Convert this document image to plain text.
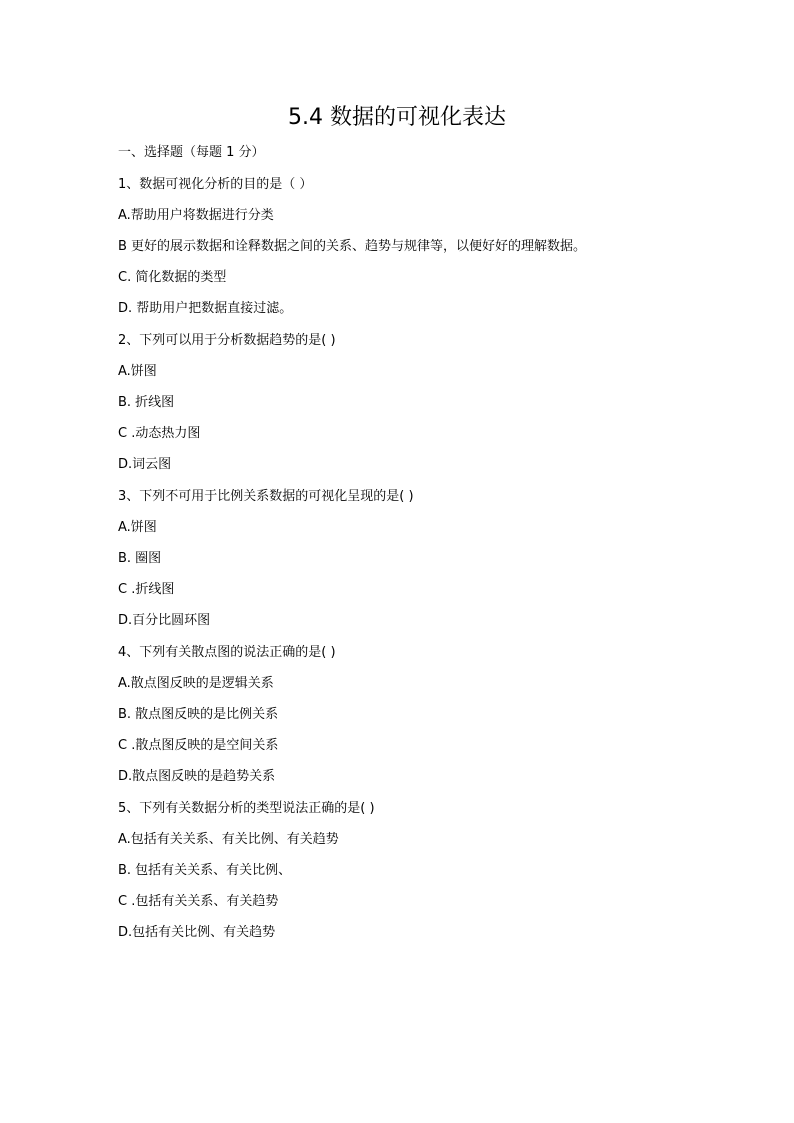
5.4 数据的可视化表达
一、选择题（每题 1 分）
1、数据可视化分析的目的是（ ）
A.帮助用户将数据进行分类
B 更好的展示数据和诠释数据之间的关系、趋势与规律等，以便好好的理解数据。
C. 简化数据的类型
D. 帮助用户把数据直接过滤。
2、下列可以用于分析数据趋势的是( )
A.饼图
B. 折线图
C .动态热力图
D.词云图
3、下列不可用于比例关系数据的可视化呈现的是( )
A.饼图
B. 圈图
C .折线图
D.百分比圆环图
4、下列有关散点图的说法正确的是( )
A.散点图反映的是逻辑关系
B. 散点图反映的是比例关系
C .散点图反映的是空间关系
D.散点图反映的是趋势关系
5、下列有关数据分析的类型说法正确的是( )
A.包括有关关系、有关比例、有关趋势
B. 包括有关关系、有关比例、
C .包括有关关系、有关趋势
D.包括有关比例、有关趋势
